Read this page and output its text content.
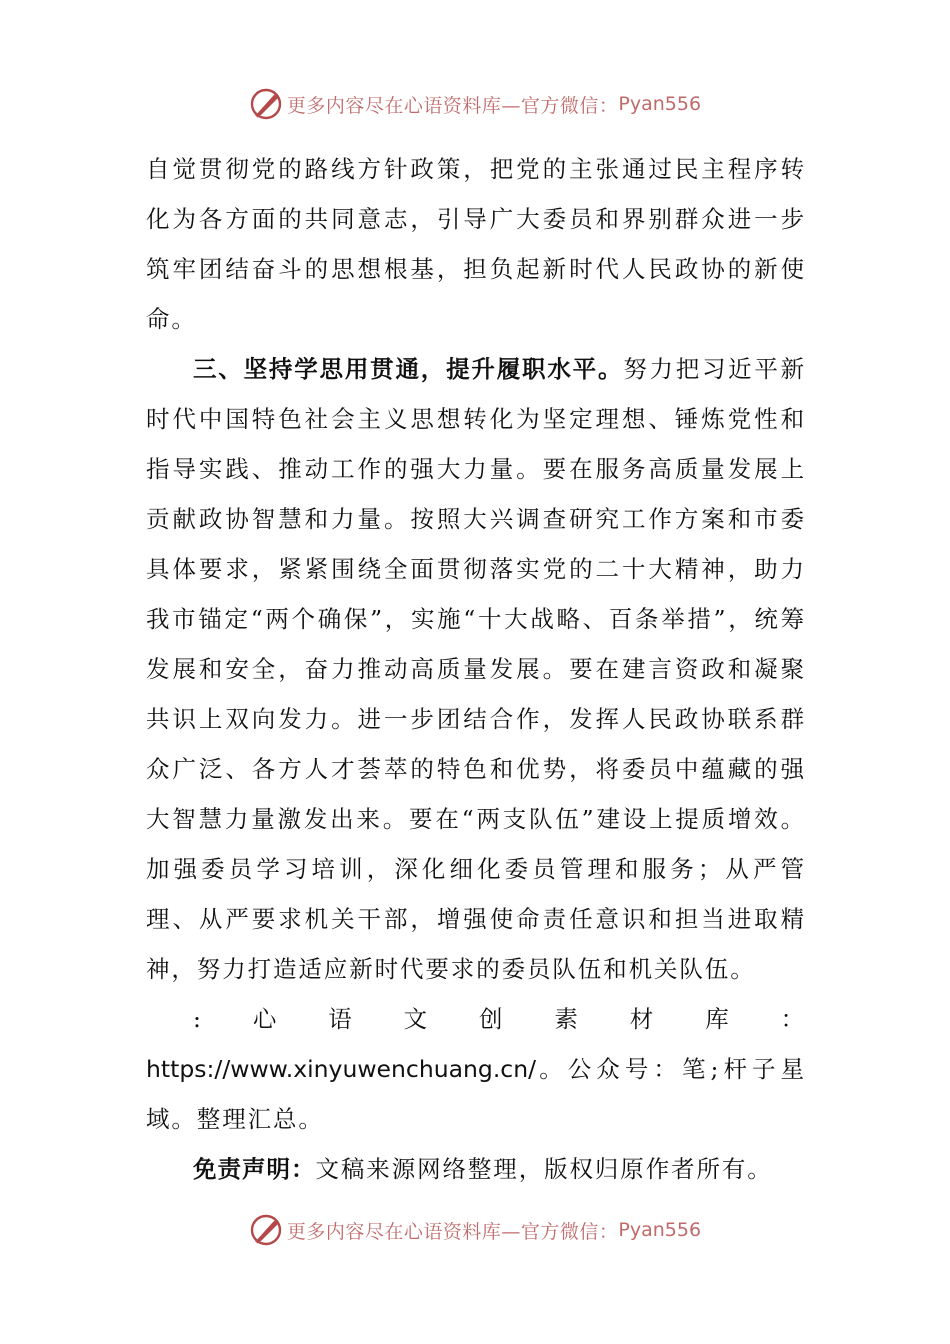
更多内容尽在心语资料库—官方微信： Pyan556

自觉贯彻党的路线方针政策，把党的主张通过民主程序转化为各方面的共同意志，引导广大委员和界别群众进一步筑牢团结奋斗的思想根基，担负起新时代人民政协的新使命。

三、坚持学思用贯通，提升履职水平。努力把习近平新时代中国特色社会主义思想转化为坚定理想、锤炼党性和指导实践、推动工作的强大力量。要在服务高质量发展上贡献政协智慧和力量。按照大兴调查研究工作方案和市委具体要求，紧紧围绕全面贯彻落实党的二十大精神，助力我市锚定“两个确保”，实施“十大战略、百条举措”，统筹发展和安全，奋力推动高质量发展。要在建言资政和凝聚共识上双向发力。进一步团结合作，发挥人民政协联系群众广泛、各方人才荟萃的特色和优势，将委员中蕴藏的强大智慧力量激发出来。要在“两支队伍”建设上提质增效。加强委员学习培训，深化细化委员管理和服务；从严管理、从严要求机关干部，增强使命责任意识和担当进取精神，努力打造适应新时代要求的委员队伍和机关队伍。

:心语文创素材库：https://www.xinyuwenchuang.cn/。公众号：笔;杆子星域。整理汇总。

免责声明：文稿来源网络整理，版权归原作者所有。

更多内容尽在心语资料库—官方微信： Pyan556
